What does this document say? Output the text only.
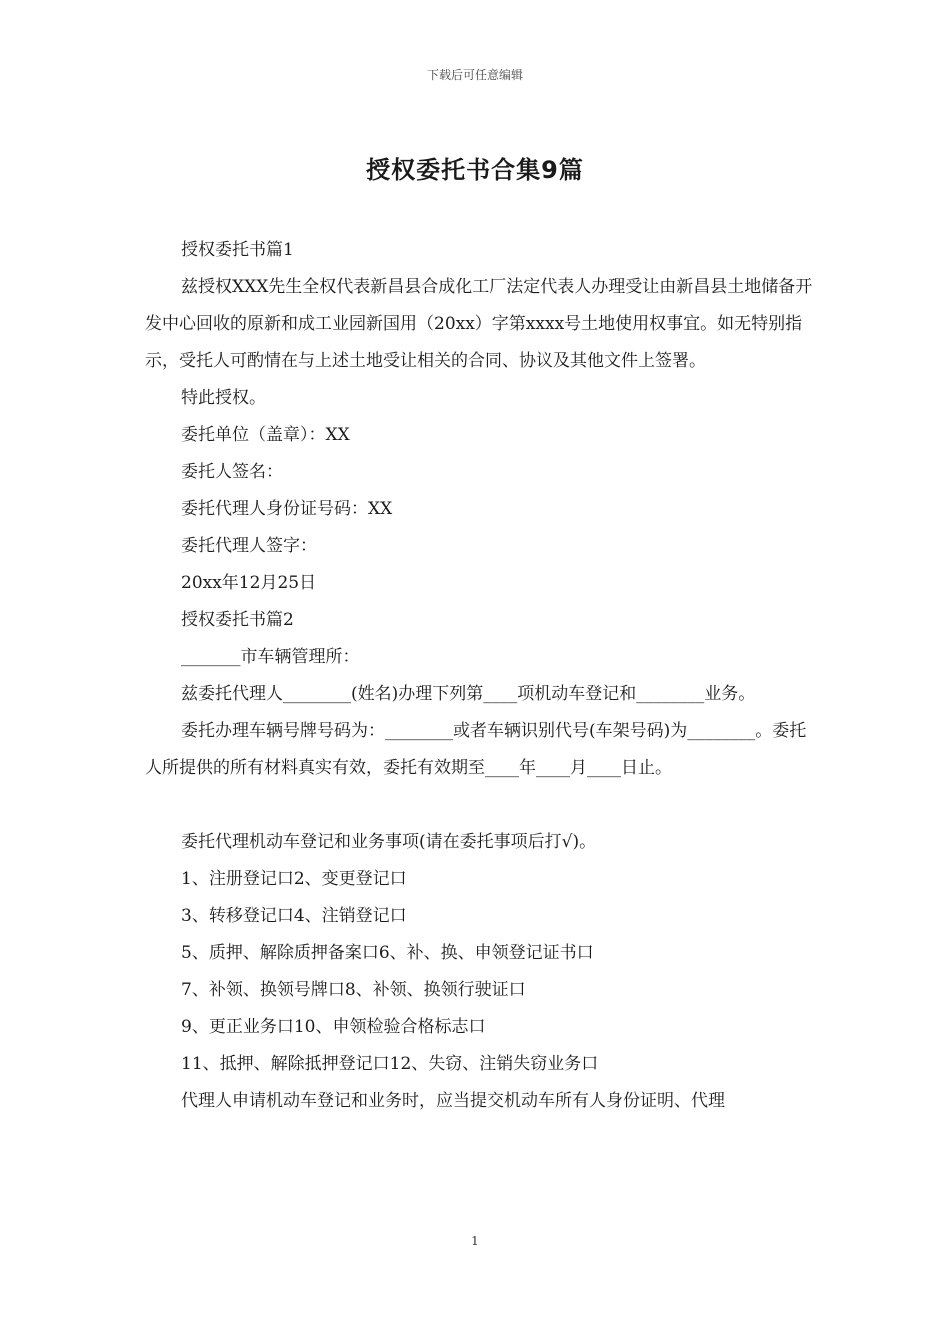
下载后可任意编辑
授权委托书合集9篇

授权委托书篇1

兹授权XXX先生全权代表新昌县合成化工厂法定代表人办理受让由新昌县土地储备开发中心回收的原新和成工业园新国用（20xx）字第xxxx号土地使用权事宜。如无特别指示，受托人可酌情在与上述土地受让相关的合同、协议及其他文件上签署。

特此授权。

委托单位（盖章）：XX

委托人签名：

委托代理人身份证号码：XX

委托代理人签字：

20xx年12月25日

授权委托书篇2

_______市车辆管理所：

兹委托代理人________(姓名)办理下列第____项机动车登记和________业务。

委托办理车辆号牌号码为：________或者车辆识别代号(车架号码)为________。委托人所提供的所有材料真实有效，委托有效期至____年____月____日止。

委托代理机动车登记和业务事项(请在委托事项后打√)。

1、注册登记口2、变更登记口

3、转移登记口4、注销登记口

5、质押、解除质押备案口6、补、换、申领登记证书口

7、补领、换领号牌口8、补领、换领行驶证口

9、更正业务口10、申领检验合格标志口

11、抵押、解除抵押登记口12、失窃、注销失窃业务口

代理人申请机动车登记和业务时，应当提交机动车所有人身份证明、代理

1
